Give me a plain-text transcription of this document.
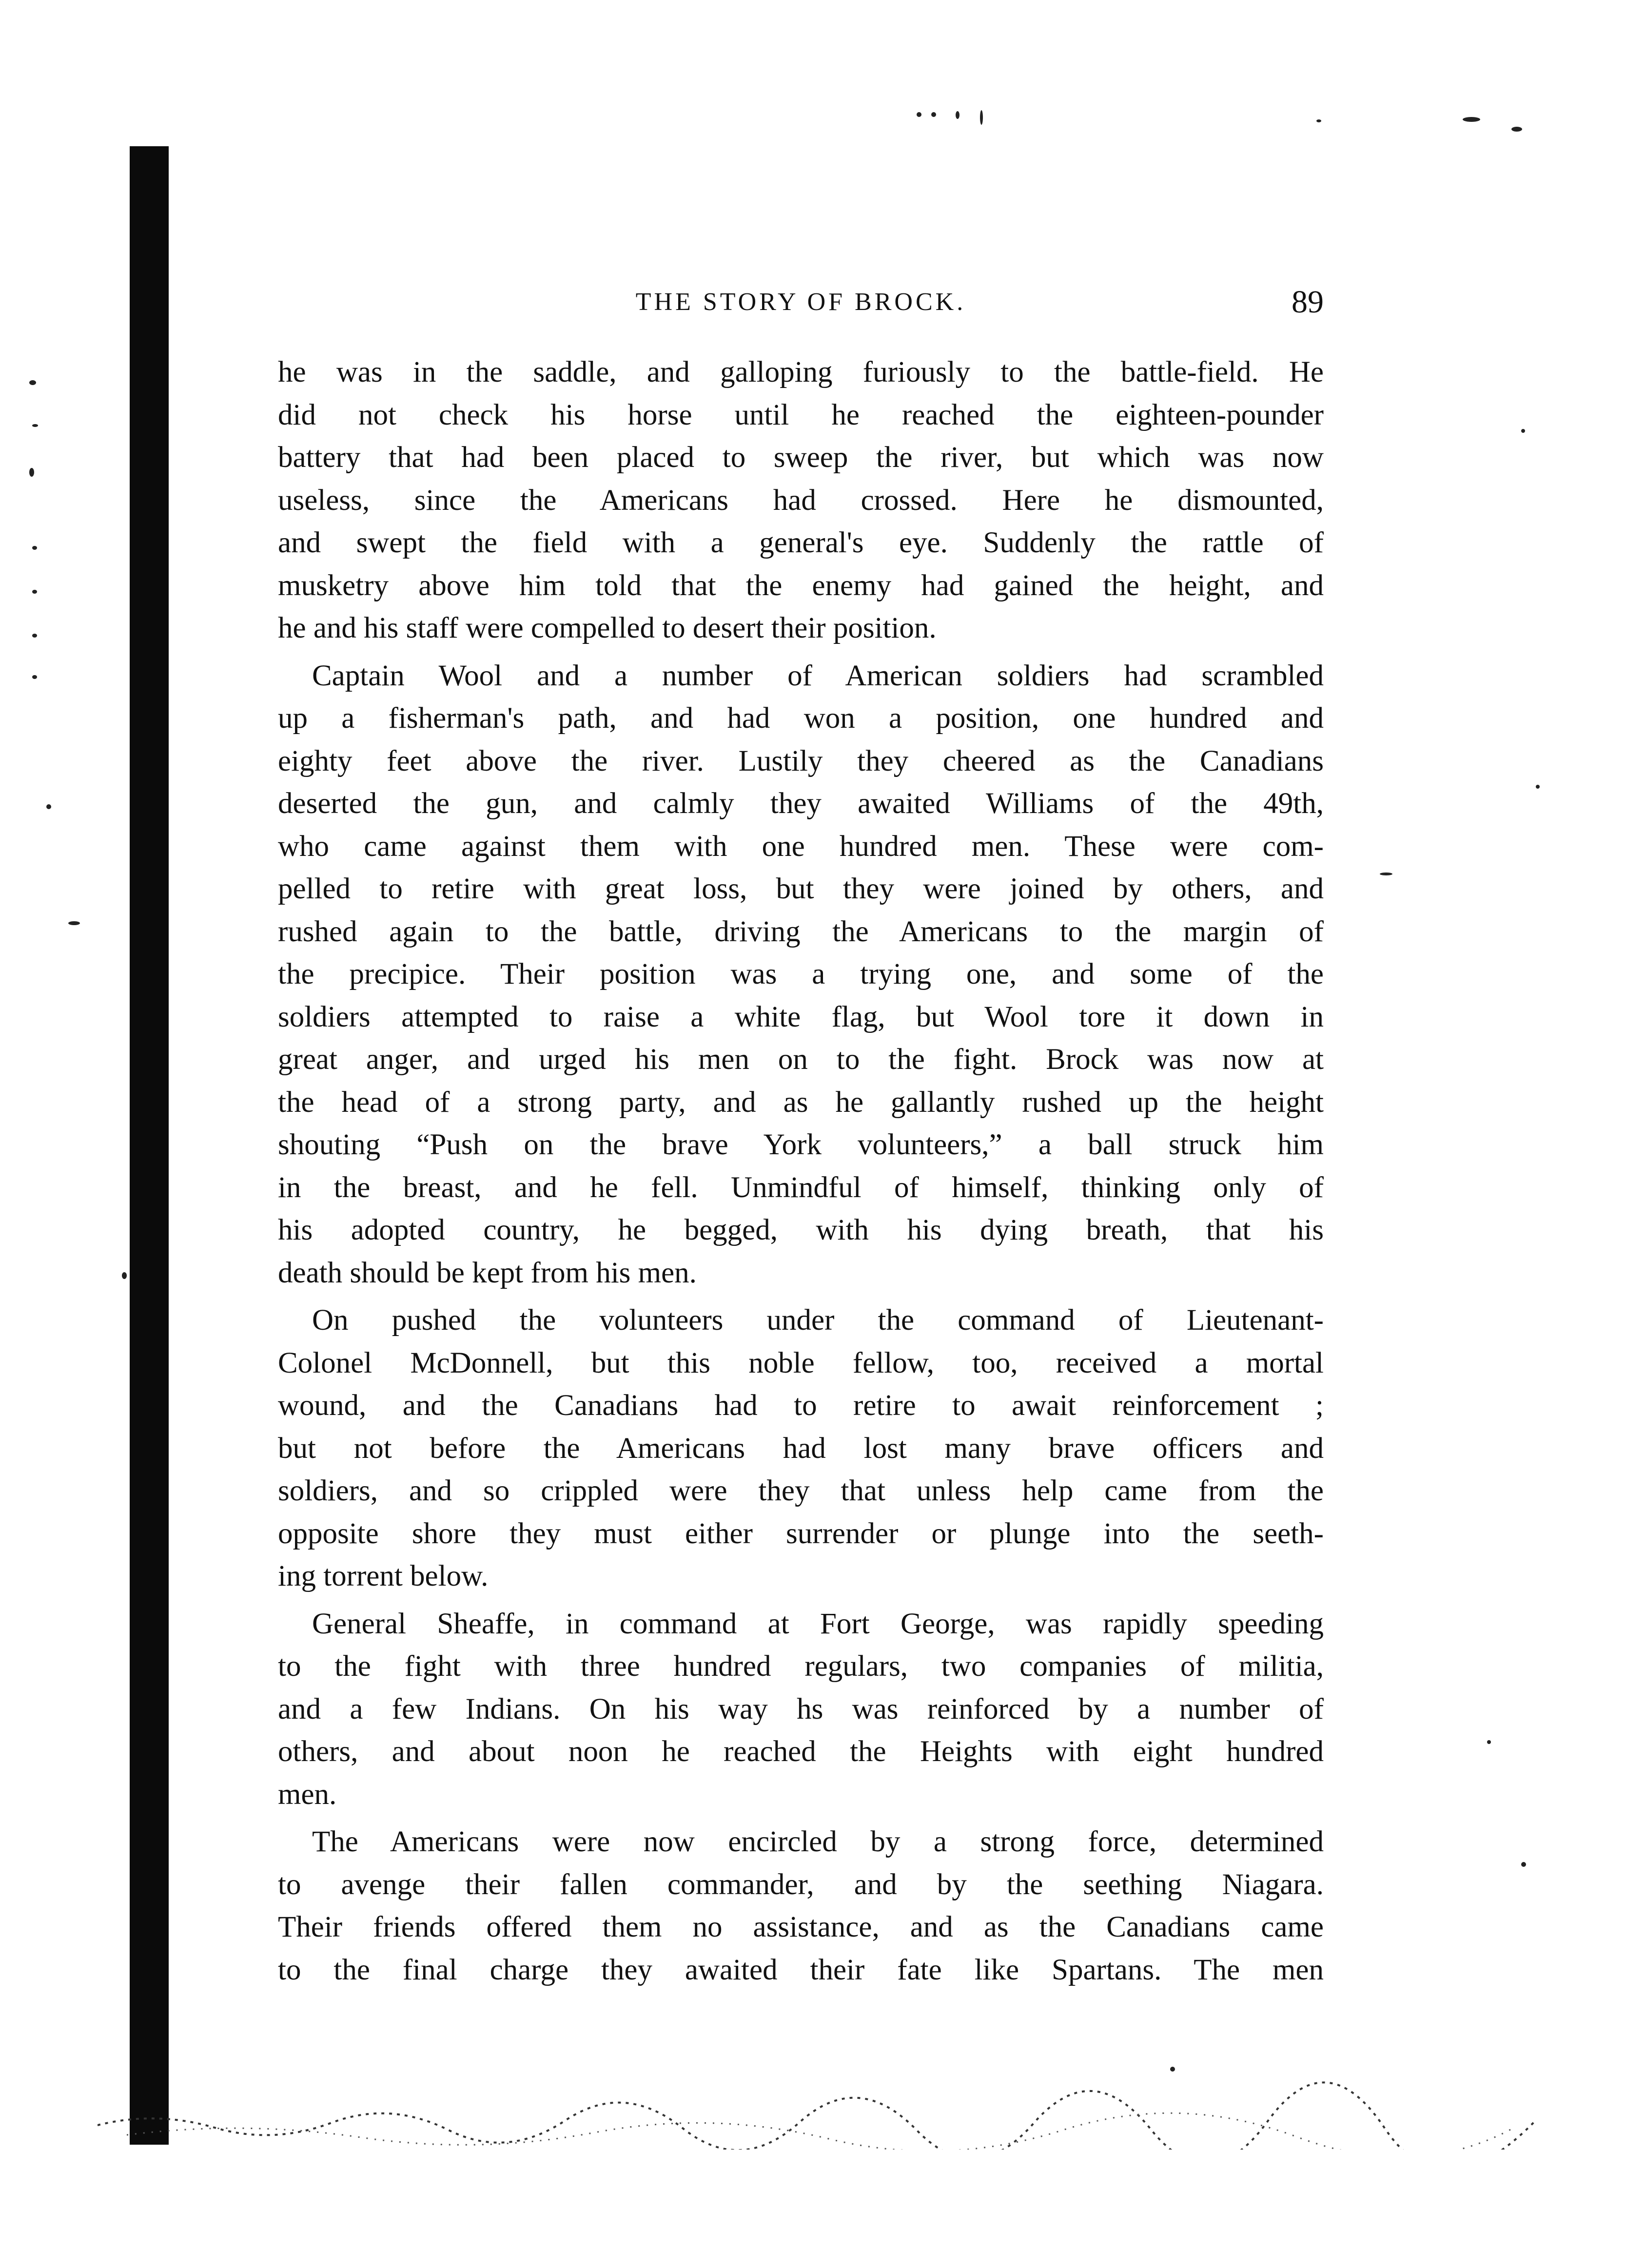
THE STORY OF BROCK.	89
he was in the saddle, and galloping furiously to the battle-field. He
did not check his horse until he reached the eighteen-pounder
battery that had been placed to sweep the river, but which was now
useless, since the Americans had crossed. Here he dismounted,
and swept the field with a general's eye. Suddenly the rattle of
musketry above him told that the enemy had gained the height, and
he and his staff were compelled to desert their position.
Captain Wool and a number of American soldiers had scrambled
up a fisherman's path, and had won a position, one hundred and
eighty feet above the river. Lustily they cheered as the Canadians
deserted the gun, and calmly they awaited Williams of the 49th,
who came against them with one hundred men. These were com-
pelled to retire with great loss, but they were joined by others, and
rushed again to the battle, driving the Americans to the margin of
the precipice. Their position was a trying one, and some of the
soldiers attempted to raise a white flag, but Wool tore it down in
great anger, and urged his men on to the fight. Brock was now at
the head of a strong party, and as he gallantly rushed up the height
shouting “Push on the brave York volunteers,” a ball struck him
in the breast, and he fell. Unmindful of himself, thinking only of
his adopted country, he begged, with his dying breath, that his
death should be kept from his men.
On pushed the volunteers under the command of Lieutenant-
Colonel McDonnell, but this noble fellow, too, received a mortal
wound, and the Canadians had to retire to await reinforcement ;
but not before the Americans had lost many brave officers and
soldiers, and so crippled were they that unless help came from the
opposite shore they must either surrender or plunge into the seeth-
ing torrent below.
General Sheaffe, in command at Fort George, was rapidly speeding
to the fight with three hundred regulars, two companies of militia,
and a few Indians. On his way hs was reinforced by a number of
others, and about noon he reached the Heights with eight hundred
men.
The Americans were now encircled by a strong force, determined
to avenge their fallen commander, and by the seething Niagara.
Their friends offered them no assistance, and as the Canadians came
to the final charge they awaited their fate like Spartans. The men
